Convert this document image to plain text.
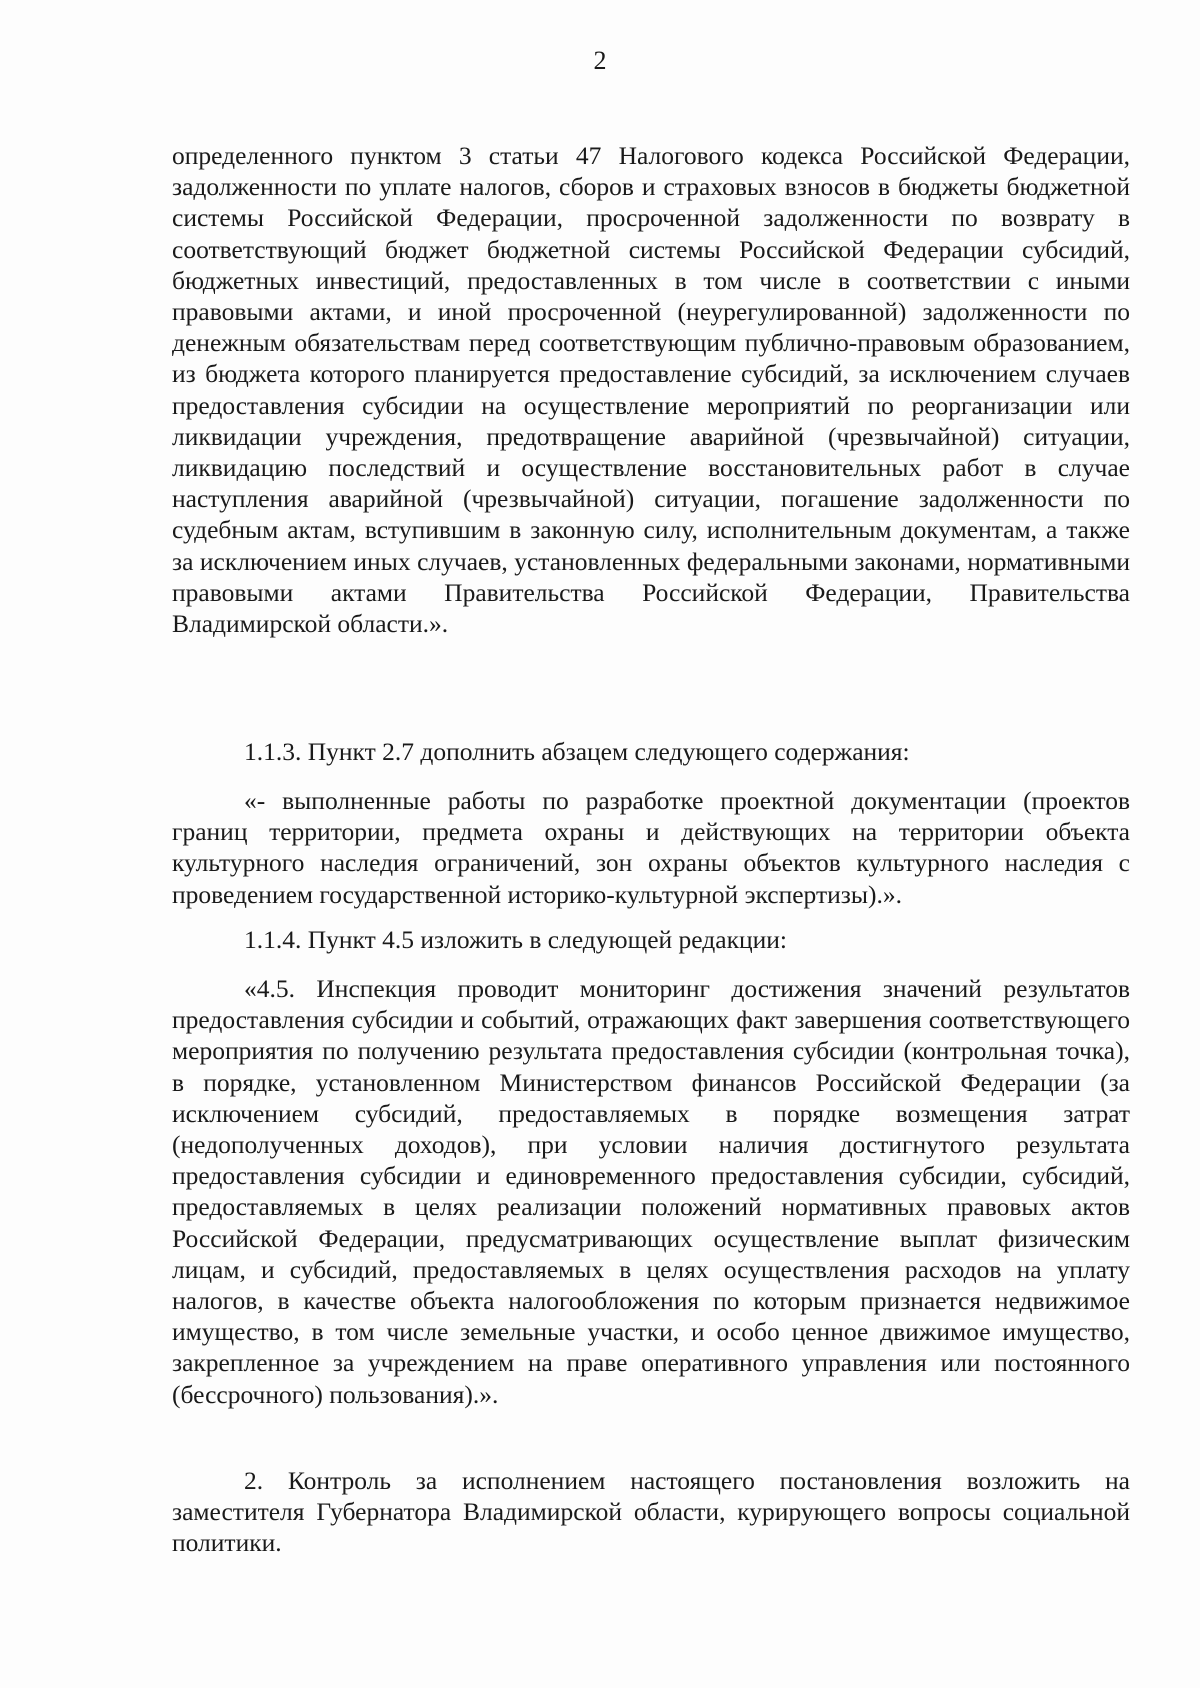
2

определенного пунктом 3 статьи 47 Налогового кодекса Российской Федерации, задолженности по уплате налогов, сборов и страховых взносов в бюджеты бюджетной системы Российской Федерации, просроченной задолженности по возврату в соответствующий бюджет бюджетной системы Российской Федерации субсидий, бюджетных инвестиций, предоставленных в том числе в соответствии с иными правовыми актами, и иной просроченной (неурегулированной) задолженности по денежным обязательствам перед соответствующим публично-правовым образованием, из бюджета которого планируется предоставление субсидий, за исключением случаев предоставления субсидии на осуществление мероприятий по реорганизации или ликвидации учреждения, предотвращение аварийной (чрезвычайной) ситуации, ликвидацию последствий и осуществление восстановительных работ в случае наступления аварийной (чрезвычайной) ситуации, погашение задолженности по судебным актам, вступившим в законную силу, исполнительным документам, а также за исключением иных случаев, установленных федеральными законами, нормативными правовыми актами Правительства Российской Федерации, Правительства Владимирской области.».

1.1.3. Пункт 2.7 дополнить абзацем следующего содержания:

«- выполненные работы по разработке проектной документации (проектов границ территории, предмета охраны и действующих на территории объекта культурного наследия ограничений, зон охраны объектов культурного наследия с проведением государственной историко-культурной экспертизы).».

1.1.4. Пункт 4.5 изложить в следующей редакции:

«4.5. Инспекция проводит мониторинг достижения значений результатов предоставления субсидии и событий, отражающих факт завершения соответствующего мероприятия по получению результата предоставления субсидии (контрольная точка), в порядке, установленном Министерством финансов Российской Федерации (за исключением субсидий, предоставляемых в порядке возмещения затрат (недополученных доходов), при условии наличия достигнутого результата предоставления субсидии и единовременного предоставления субсидии, субсидий, предоставляемых в целях реализации положений нормативных правовых актов Российской Федерации, предусматривающих осуществление выплат физическим лицам, и субсидий, предоставляемых в целях осуществления расходов на уплату налогов, в качестве объекта налогообложения по которым признается недвижимое имущество, в том числе земельные участки, и особо ценное движимое имущество, закрепленное за учреждением на праве оперативного управления или постоянного (бессрочного) пользования).».

2. Контроль за исполнением настоящего постановления возложить на заместителя Губернатора Владимирской области, курирующего вопросы социальной политики.
